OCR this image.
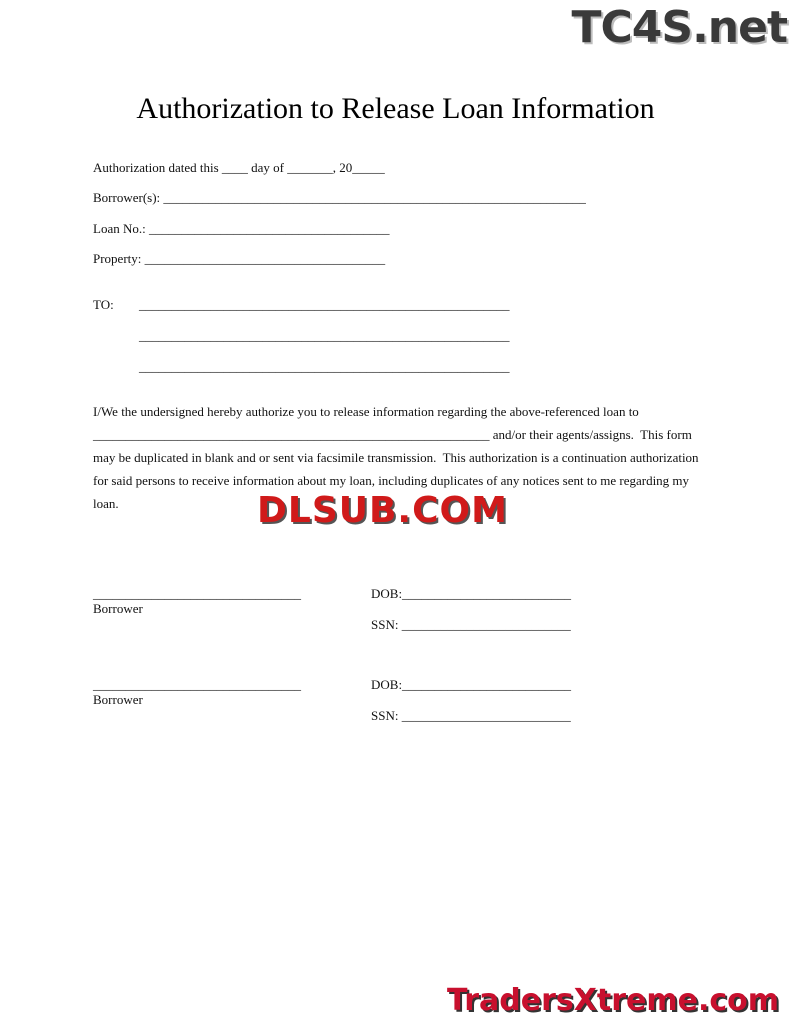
TC4S.net
Authorization to Release Loan Information
Authorization dated this ____ day of _______, 20_____
Borrower(s): _________________________________________________________________
Loan No.: _____________________________________
Property: _____________________________________
TO: _________________________________________________________
_________________________________________________________
_________________________________________________________
I/We the undersigned hereby authorize you to release information regarding the above-referenced loan to
_____________________________________________________________ and/or their agents/assigns.  This form
may be duplicated in blank and or sent via facsimile transmission.  This authorization is a continuation authorization
for said persons to receive information about my loan, including duplicates of any notices sent to me regarding my
loan.	DLSUB.COM
________________________________
Borrower
DOB:__________________________
SSN: __________________________
________________________________
Borrower
DOB:__________________________
SSN: __________________________
TradersXtreme.com
